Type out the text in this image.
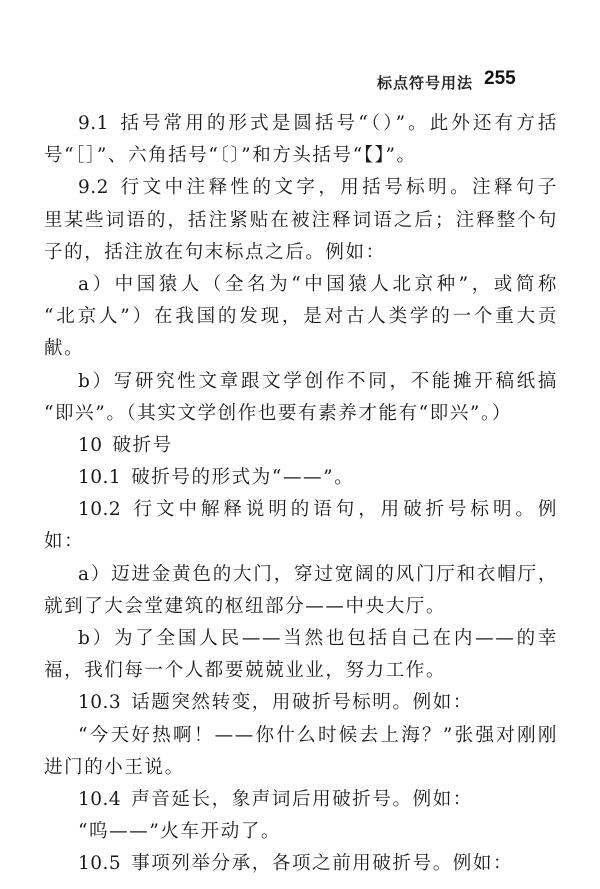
标点符号用法 255
9.1 括号常用的形式是圆括号“（）”。此外还有方括
号“［］”、六角括号“〔〕”和方头括号“【】”。
9.2 行文中注释性的文字，用括号标明。注释句子
里某些词语的，括注紧贴在被注释词语之后；注释整个句
子的，括注放在句末标点之后。例如：
a）中国猿人（全名为“中国猿人北京种”，或简称
“北京人”）在我国的发现，是对古人类学的一个重大贡
献。
b）写研究性文章跟文学创作不同，不能摊开稿纸搞
“即兴”。（其实文学创作也要有素养才能有“即兴”。）
10 破折号
10.1 破折号的形式为“——”。
10.2 行文中解释说明的语句，用破折号标明。例
如：
a）迈进金黄色的大门，穿过宽阔的风门厅和衣帽厅，
就到了大会堂建筑的枢纽部分——中央大厅。
b）为了全国人民——当然也包括自己在内——的幸
福，我们每一个人都要兢兢业业，努力工作。
10.3 话题突然转变，用破折号标明。例如：
“今天好热啊！——你什么时候去上海？”张强对刚刚
进门的小王说。
10.4 声音延长，象声词后用破折号。例如：
“呜——”火车开动了。
10.5 事项列举分承，各项之前用破折号。例如：
